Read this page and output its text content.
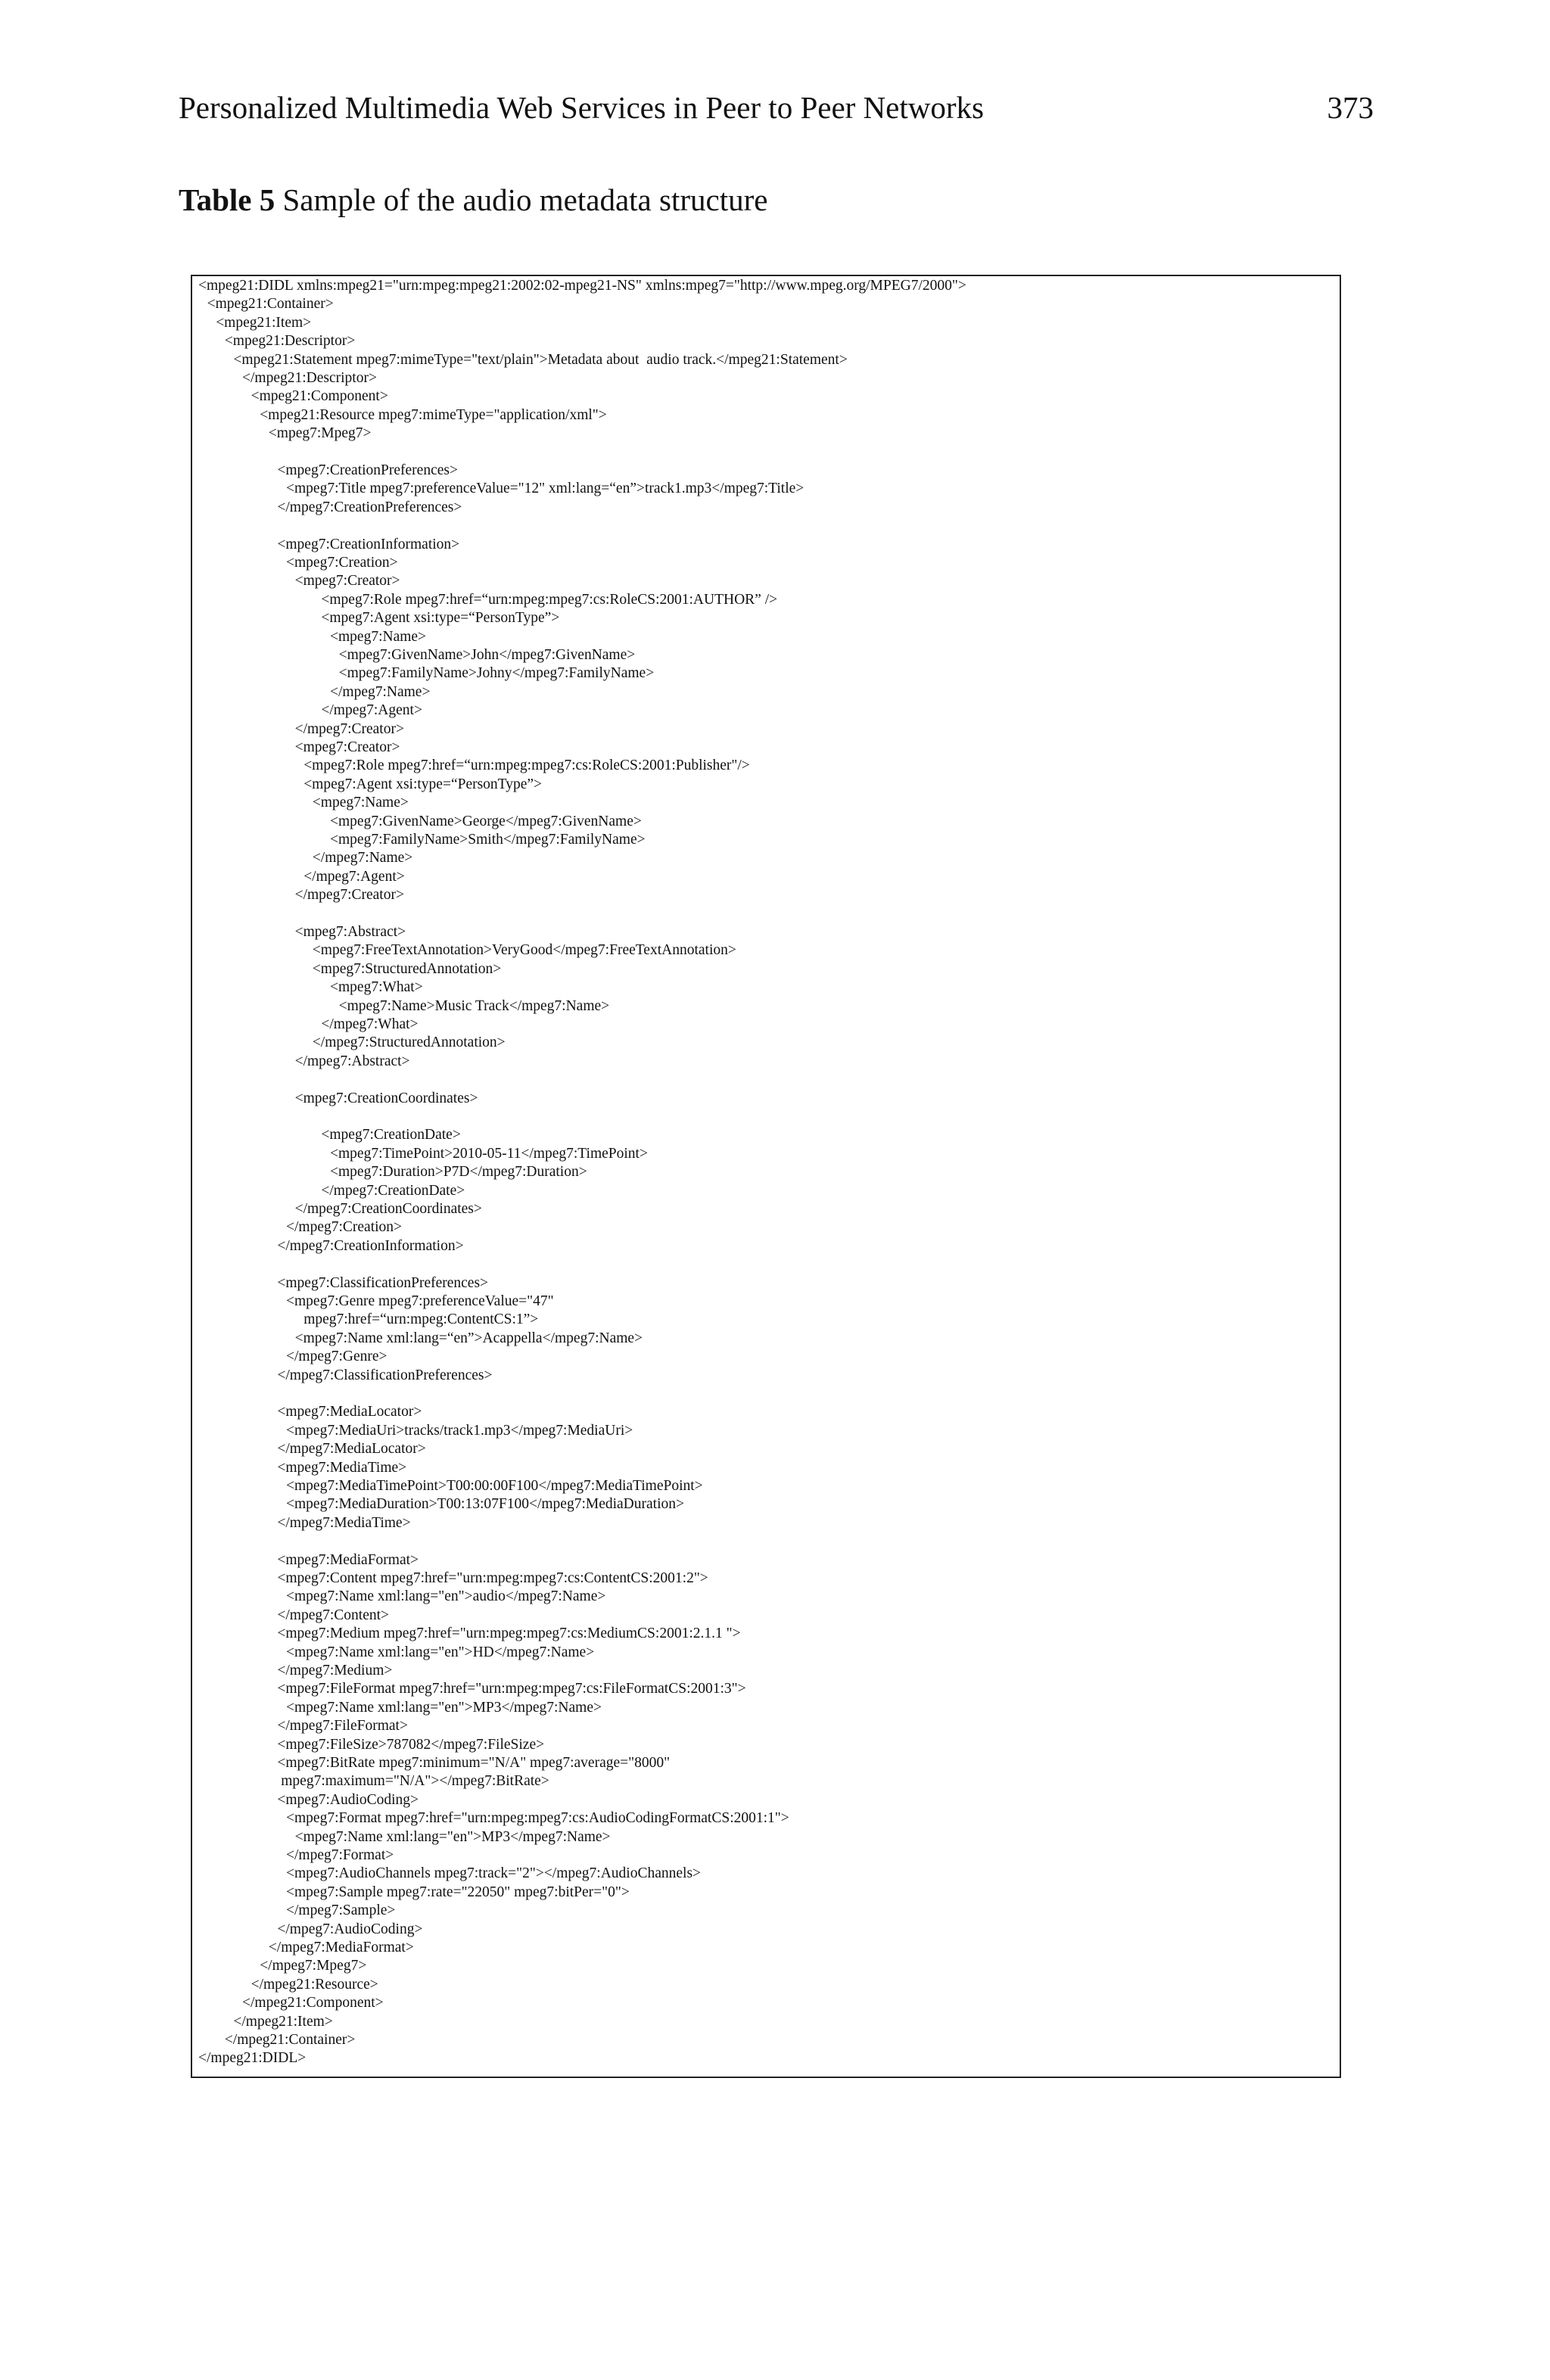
Personalized Multimedia Web Services in Peer to Peer Networks	373
Table 5 Sample of the audio metadata structure
<mpeg21:DIDL xmlns:mpeg21="urn:mpeg:mpeg21:2002:02-mpeg21-NS" xmlns:mpeg7="http://www.mpeg.org/MPEG7/2000">
<mpeg21:Container>
<mpeg21:Item>
<mpeg21:Descriptor>
<mpeg21:Statement mpeg7:mimeType="text/plain">Metadata about  audio track.</mpeg21:Statement>
</mpeg21:Descriptor>
<mpeg21:Component>
<mpeg21:Resource mpeg7:mimeType="application/xml">
<mpeg7:Mpeg7>
<mpeg7:CreationPreferences>
<mpeg7:Title mpeg7:preferenceValue="12" xml:lang=“en”>track1.mp3</mpeg7:Title>
</mpeg7:CreationPreferences>
<mpeg7:CreationInformation>
<mpeg7:Creation>
<mpeg7:Creator>
<mpeg7:Role mpeg7:href=“urn:mpeg:mpeg7:cs:RoleCS:2001:AUTHOR” />
<mpeg7:Agent xsi:type=“PersonType”>
<mpeg7:Name>
<mpeg7:GivenName>John</mpeg7:GivenName>
<mpeg7:FamilyName>Johny</mpeg7:FamilyName>
</mpeg7:Name>
</mpeg7:Agent>
</mpeg7:Creator>
<mpeg7:Creator>
<mpeg7:Role mpeg7:href=“urn:mpeg:mpeg7:cs:RoleCS:2001:Publisher"/>
<mpeg7:Agent xsi:type=“PersonType”>
<mpeg7:Name>
<mpeg7:GivenName>George</mpeg7:GivenName>
<mpeg7:FamilyName>Smith</mpeg7:FamilyName>
</mpeg7:Name>
</mpeg7:Agent>
</mpeg7:Creator>
<mpeg7:Abstract>
<mpeg7:FreeTextAnnotation>VeryGood</mpeg7:FreeTextAnnotation>
<mpeg7:StructuredAnnotation>
<mpeg7:What>
<mpeg7:Name>Music Track</mpeg7:Name>
</mpeg7:What>
</mpeg7:StructuredAnnotation>
</mpeg7:Abstract>
<mpeg7:CreationCoordinates>
<mpeg7:CreationDate>
<mpeg7:TimePoint>2010-05-11</mpeg7:TimePoint>
<mpeg7:Duration>P7D</mpeg7:Duration>
</mpeg7:CreationDate>
</mpeg7:CreationCoordinates>
</mpeg7:Creation>
</mpeg7:CreationInformation>
<mpeg7:ClassificationPreferences>
<mpeg7:Genre mpeg7:preferenceValue="47"
mpeg7:href=“urn:mpeg:ContentCS:1”>
<mpeg7:Name xml:lang=“en”>Acappella</mpeg7:Name>
</mpeg7:Genre>
</mpeg7:ClassificationPreferences>
<mpeg7:MediaLocator>
<mpeg7:MediaUri>tracks/track1.mp3</mpeg7:MediaUri>
</mpeg7:MediaLocator>
<mpeg7:MediaTime>
<mpeg7:MediaTimePoint>T00:00:00F100</mpeg7:MediaTimePoint>
<mpeg7:MediaDuration>T00:13:07F100</mpeg7:MediaDuration>
</mpeg7:MediaTime>
<mpeg7:MediaFormat>
<mpeg7:Content mpeg7:href="urn:mpeg:mpeg7:cs:ContentCS:2001:2">
<mpeg7:Name xml:lang="en">audio</mpeg7:Name>
</mpeg7:Content>
<mpeg7:Medium mpeg7:href="urn:mpeg:mpeg7:cs:MediumCS:2001:2.1.1 ">
<mpeg7:Name xml:lang="en">HD</mpeg7:Name>
</mpeg7:Medium>
<mpeg7:FileFormat mpeg7:href="urn:mpeg:mpeg7:cs:FileFormatCS:2001:3">
<mpeg7:Name xml:lang="en">MP3</mpeg7:Name>
</mpeg7:FileFormat>
<mpeg7:FileSize>787082</mpeg7:FileSize>
<mpeg7:BitRate mpeg7:minimum="N/A" mpeg7:average="8000"
mpeg7:maximum="N/A"></mpeg7:BitRate>
<mpeg7:AudioCoding>
<mpeg7:Format mpeg7:href="urn:mpeg:mpeg7:cs:AudioCodingFormatCS:2001:1">
<mpeg7:Name xml:lang="en">MP3</mpeg7:Name>
</mpeg7:Format>
<mpeg7:AudioChannels mpeg7:track="2"></mpeg7:AudioChannels>
<mpeg7:Sample mpeg7:rate="22050" mpeg7:bitPer="0">
</mpeg7:Sample>
</mpeg7:AudioCoding>
</mpeg7:MediaFormat>
</mpeg7:Mpeg7>
</mpeg21:Resource>
</mpeg21:Component>
</mpeg21:Item>
</mpeg21:Container>
</mpeg21:DIDL>
